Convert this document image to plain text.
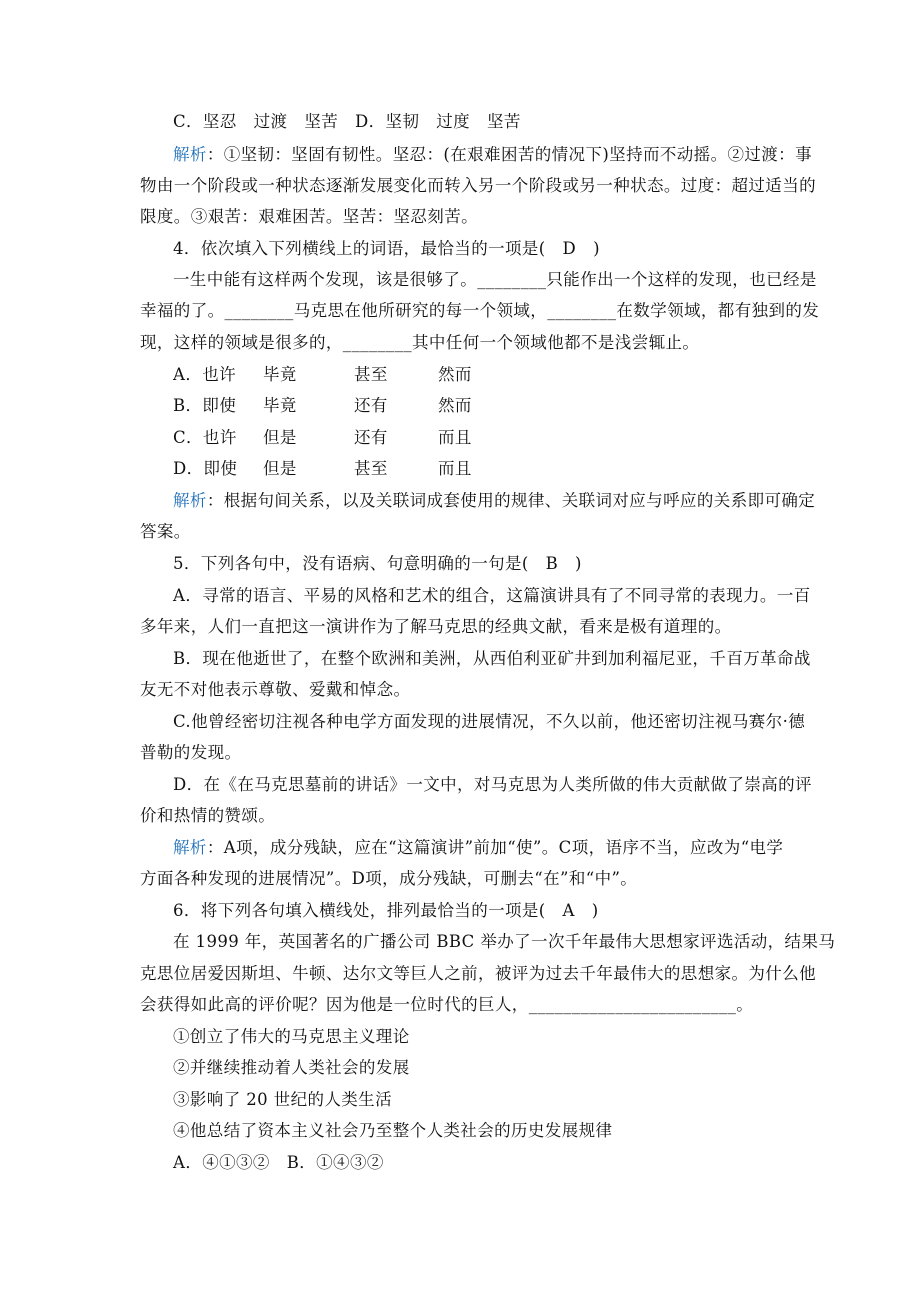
C．坚忍　过渡　坚苦　D．坚韧　过度　坚苦
解析：①坚韧：坚固有韧性。坚忍：(在艰难困苦的情况下)坚持而不动摇。②过渡：事
物由一个阶段或一种状态逐渐发展变化而转入另一个阶段或另一种状态。过度：超过适当的
限度。③艰苦：艰难困苦。坚苦：坚忍刻苦。
4．依次填入下列横线上的词语，最恰当的一项是(　D　)
一生中能有这样两个发现，该是很够了。________只能作出一个这样的发现，也已经是
幸福的了。________马克思在他所研究的每一个领域，________在数学领域，都有独到的发
现，这样的领域是很多的，________其中任何一个领域他都不是浅尝辄止。
A．也许 毕竟	甚至	然而
B．即使 毕竟	还有	然而
C．也许 但是	还有	而且
D．即使 但是	甚至	而且
解析：根据句间关系，以及关联词成套使用的规律、关联词对应与呼应的关系即可确定
答案。
5．下列各句中，没有语病、句意明确的一句是(　B　)
A．寻常的语言、平易的风格和艺术的组合，这篇演讲具有了不同寻常的表现力。一百
多年来，人们一直把这一演讲作为了解马克思的经典文献，看来是极有道理的。
B．现在他逝世了，在整个欧洲和美洲，从西伯利亚矿井到加利福尼亚，千百万革命战
友无不对他表示尊敬、爱戴和悼念。
C.他曾经密切注视各种电学方面发现的进展情况，不久以前，他还密切注视马赛尔·德
普勒的发现。
D．在《在马克思墓前的讲话》一文中，对马克思为人类所做的伟大贡献做了崇高的评
价和热情的赞颂。
解析：A项，成分残缺，应在“这篇演讲”前加“使”。C项，语序不当，应改为“电学
方面各种发现的进展情况”。D项，成分残缺，可删去“在”和“中”。
6．将下列各句填入横线处，排列最恰当的一项是(　A　)
在 1999 年，英国著名的广播公司 BBC 举办了一次千年最伟大思想家评选活动，结果马
克思位居爱因斯坦、牛顿、达尔文等巨人之前，被评为过去千年最伟大的思想家。为什么他
会获得如此高的评价呢？因为他是一位时代的巨人，________________________。
①创立了伟大的马克思主义理论
②并继续推动着人类社会的发展
③影响了 20 世纪的人类生活
④他总结了资本主义社会乃至整个人类社会的历史发展规律
A．④①③②　B．①④③②
